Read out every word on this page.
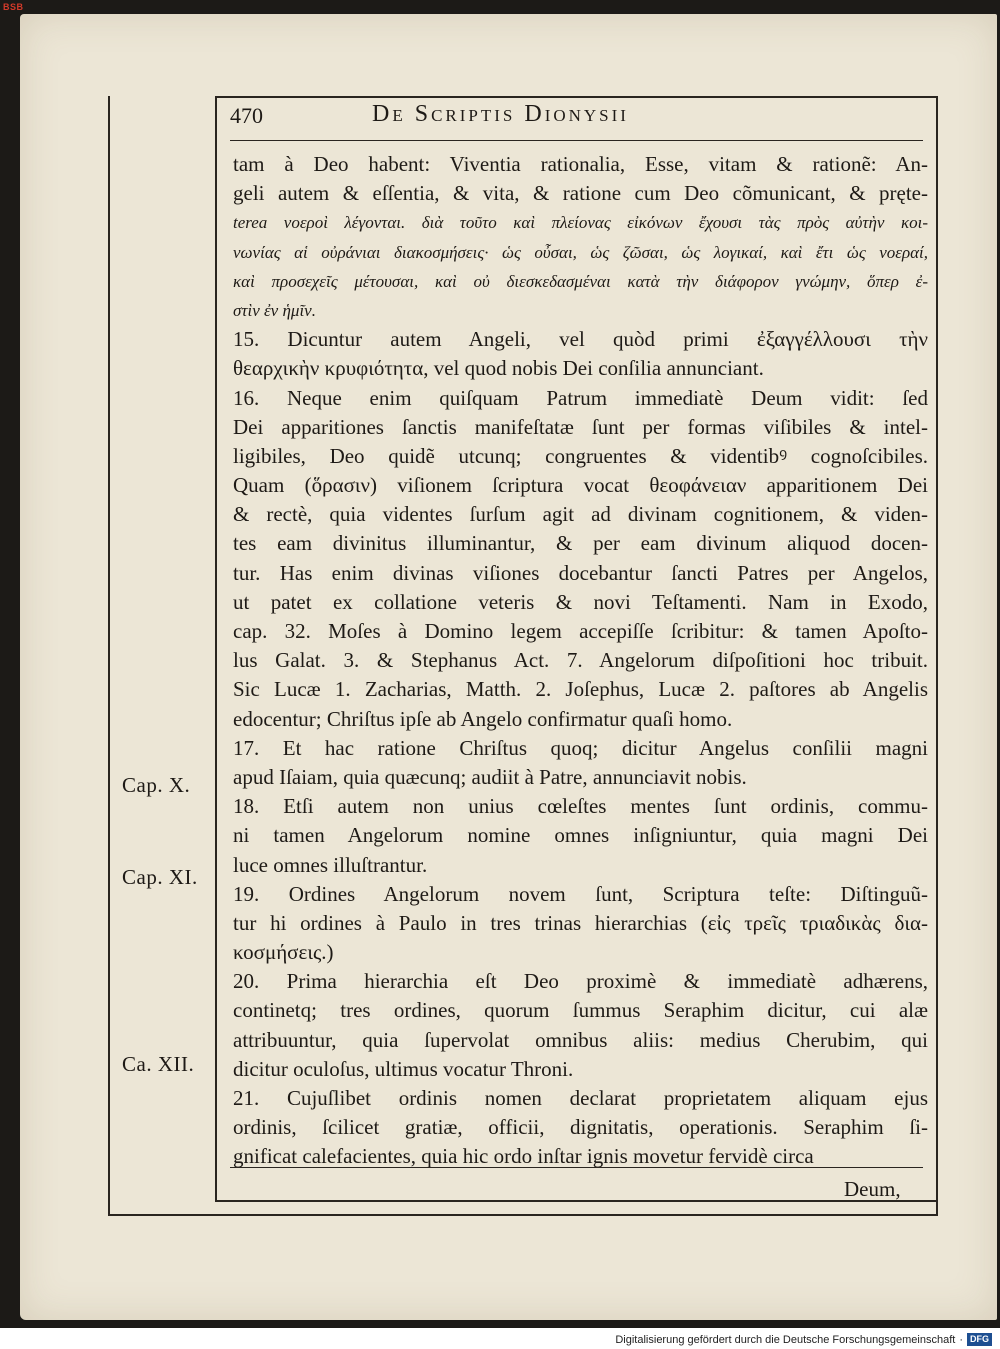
BSB
470	De Scriptis Dionysii
tam à Deo habent: Viventia rationalia, Esse, vitam & rationẽ: An-
geli autem & eſſentia, & vita, & ratione cum Deo cõmunicant, & pręte-
terea νοεροὶ λέγονται. διὰ τοῦτο καὶ πλείονας εἰκόνων ἔχουσι τὰς πρὸς αὐτὴν κοι-
νωνίας αἱ οὐράνιαι διακοσμήσεις· ὡς οὖσαι, ὡς ζῶσαι, ὡς λογικαί, καὶ ἔτι ὡς νοεραί,
καὶ προσεχεῖς μέτουσαι, καὶ οὐ διεσκεδασμέναι κατὰ τὴν διάφορον γνώμην, ὅπερ ἐ-
στὶν ἐν ἡμῖν.
15. Dicuntur autem Angeli, vel quòd primi ἐξαγγέλλουσι τὴν
θεαρχικὴν κρυφιότητα, vel quod nobis Dei conſilia annunciant.
16. Neque enim quiſquam Patrum immediatè Deum vidit: ſed
Dei apparitiones ſanctis manifeſtatæ ſunt per formas viſibiles & intel-
ligibiles, Deo quidẽ utcunq; congruentes & videntibꝰ cognoſcibiles.
Quam (ὅρασιν) viſionem ſcriptura vocat θεοφάνειαν apparitionem Dei
& rectè, quia videntes ſurſum agit ad divinam cognitionem, & viden-
tes eam divinitus illuminantur, & per eam divinum aliquod docen-
tur. Has enim divinas viſiones docebantur ſancti Patres per Angelos,
ut patet ex collatione veteris & novi Teſtamenti. Nam in Exodo,
cap. 32. Moſes à Domino legem accepiſſe ſcribitur: & tamen Apoſto-
lus Galat. 3. & Stephanus Act. 7. Angelorum diſpoſitioni hoc tribuit.
Sic Lucæ 1. Zacharias, Matth. 2. Joſephus, Lucæ 2. paſtores ab Angelis
edocentur; Chriſtus ipſe ab Angelo confirmatur quaſi homo.
17. Et hac ratione Chriſtus quoq; dicitur Angelus conſilii magni
apud Iſaiam, quia quæcunq; audiit à Patre, annunciavit nobis.
18. Etſi autem non unius cœleſtes mentes ſunt ordinis, commu-
ni tamen Angelorum nomine omnes inſigniuntur, quia magni Dei
luce omnes illuſtrantur.
19. Ordines Angelorum novem ſunt, Scriptura teſte: Diſtinguũ-
tur hi ordines à Paulo in tres trinas hierarchias (εἰς τρεῖς τριαδικὰς δια-
κοσμήσεις.)
20. Prima hierarchia eſt Deo proximè & immediatè adhærens,
continetq; tres ordines, quorum ſummus Seraphim dicitur, cui alæ
attribuuntur, quia ſupervolat omnibus aliis: medius Cherubim, qui
dicitur oculoſus, ultimus vocatur Throni.
21. Cujuſlibet ordinis nomen declarat proprietatem aliquam ejus
ordinis, ſcilicet gratiæ, officii, dignitatis, operationis. Seraphim ſi-
gnificat calefacientes, quia hic ordo inſtar ignis movetur fervidè circa
Cap. X.
Cap. XI.
Ca. XII.
Deum,
Digitalisierung gefördert durch die Deutsche Forschungsgemeinschaft · DFG
